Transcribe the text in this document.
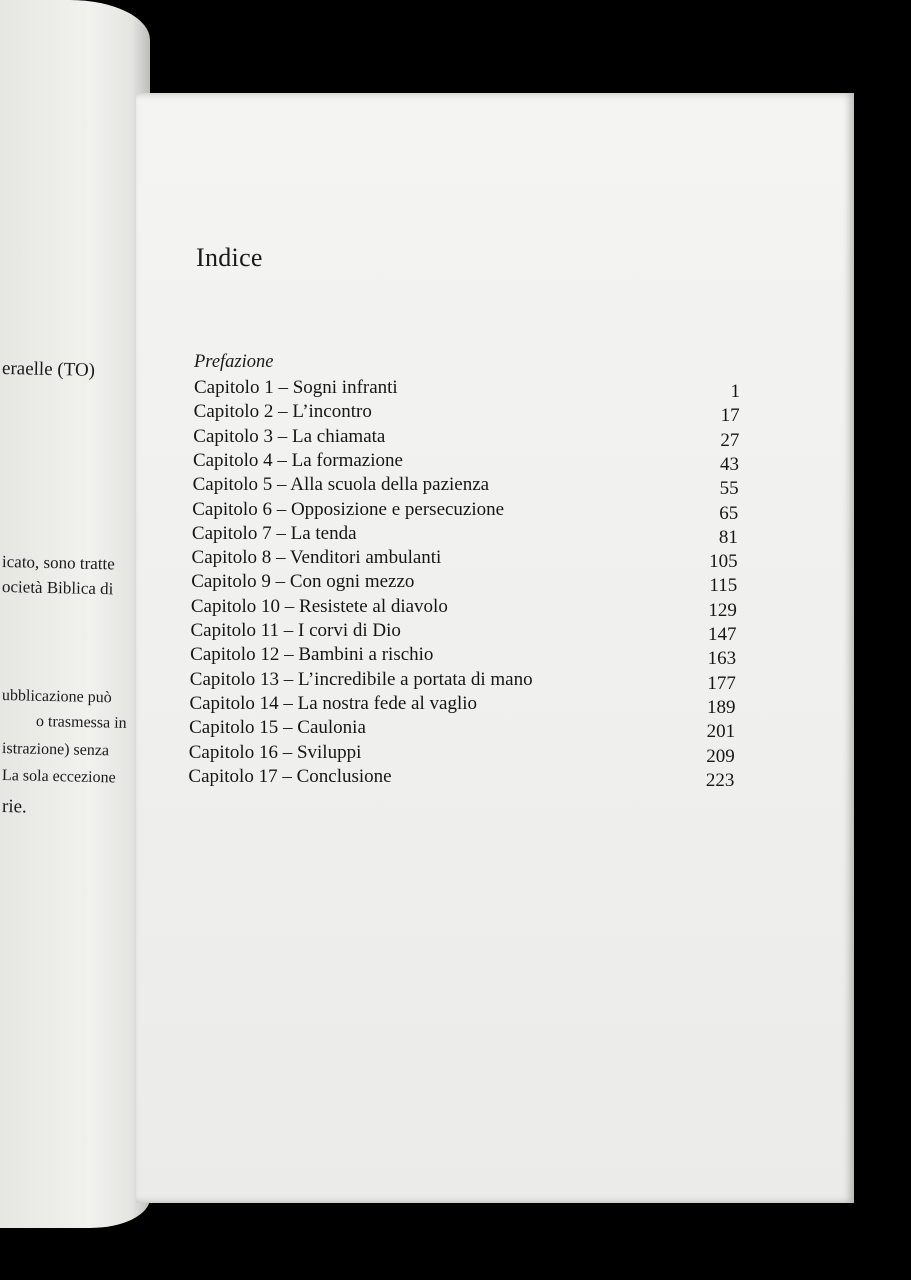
eraelle (TO)
icato, sono tratte
ocietà Biblica di
ubblicazione può
o trasmessa in
istrazione) senza
La sola eccezione
rie.
Indice
Prefazione
Capitolo 1 – Sogni infranti	1
Capitolo 2 – L’incontro	17
Capitolo 3 – La chiamata	27
Capitolo 4 – La formazione	43
Capitolo 5 – Alla scuola della pazienza	55
Capitolo 6 – Opposizione e persecuzione	65
Capitolo 7 – La tenda	81
Capitolo 8 – Venditori ambulanti	105
Capitolo 9 – Con ogni mezzo	115
Capitolo 10 – Resistete al diavolo	129
Capitolo 11 – I corvi di Dio	147
Capitolo 12 – Bambini a rischio	163
Capitolo 13 – L’incredibile a portata di mano	177
Capitolo 14 – La nostra fede al vaglio	189
Capitolo 15 – Caulonia	201
Capitolo 16 – Sviluppi	209
Capitolo 17 – Conclusione	223
